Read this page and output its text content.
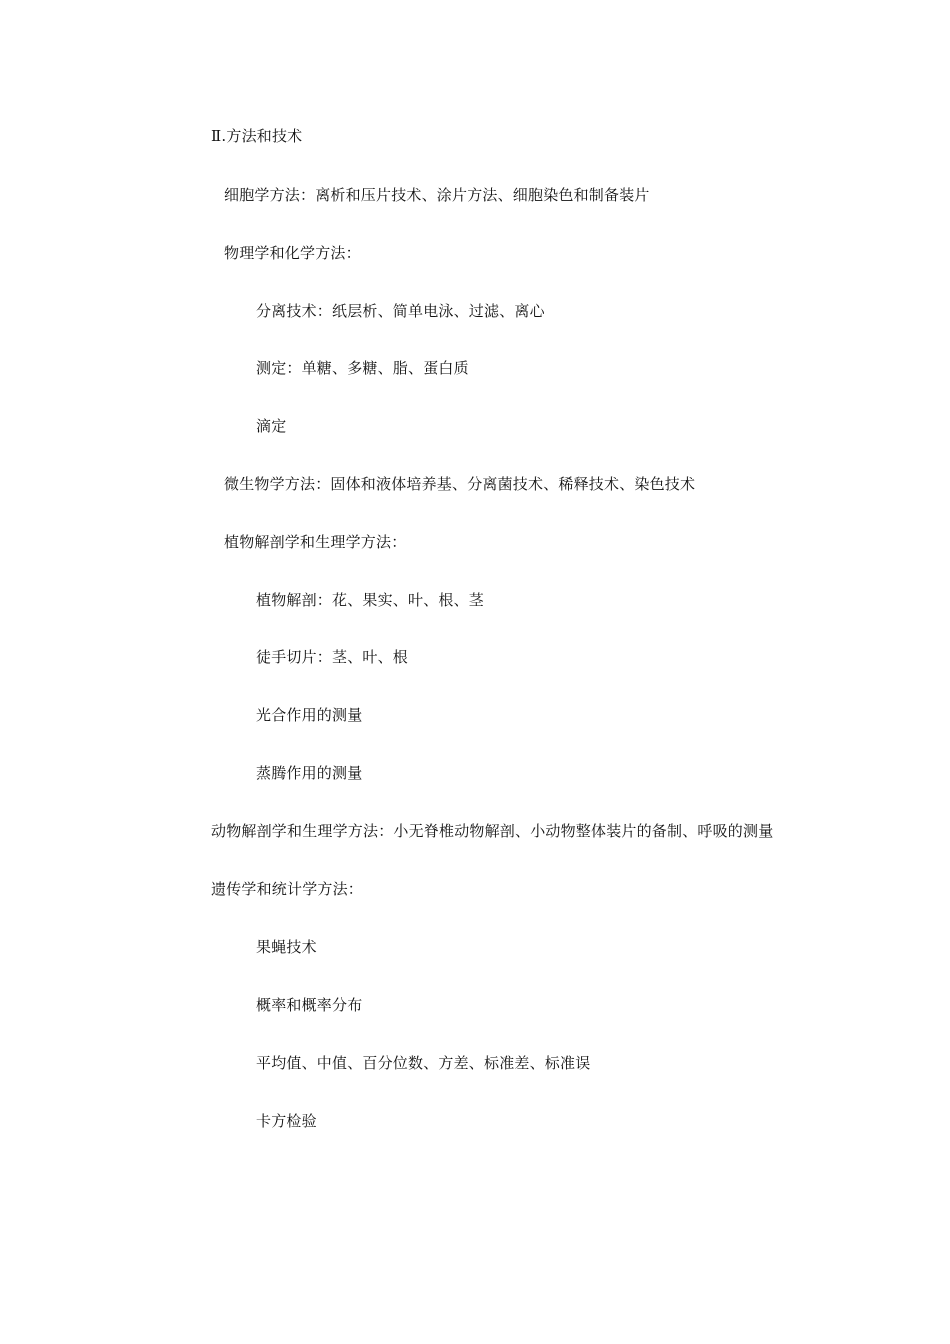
Ⅱ.方法和技术
细胞学方法：离析和压片技术、涂片方法、细胞染色和制备装片
物理学和化学方法：
分离技术：纸层析、简单电泳、过滤、离心
测定：单糖、多糖、脂、蛋白质
滴定
微生物学方法：固体和液体培养基、分离菌技术、稀释技术、染色技术
植物解剖学和生理学方法：
植物解剖：花、果实、叶、根、茎
徒手切片：茎、叶、根
光合作用的测量
蒸腾作用的测量
动物解剖学和生理学方法：小无脊椎动物解剖、小动物整体装片的备制、呼吸的测量
遗传学和统计学方法：
果蝇技术
概率和概率分布
平均值、中值、百分位数、方差、标准差、标准误
卡方检验
